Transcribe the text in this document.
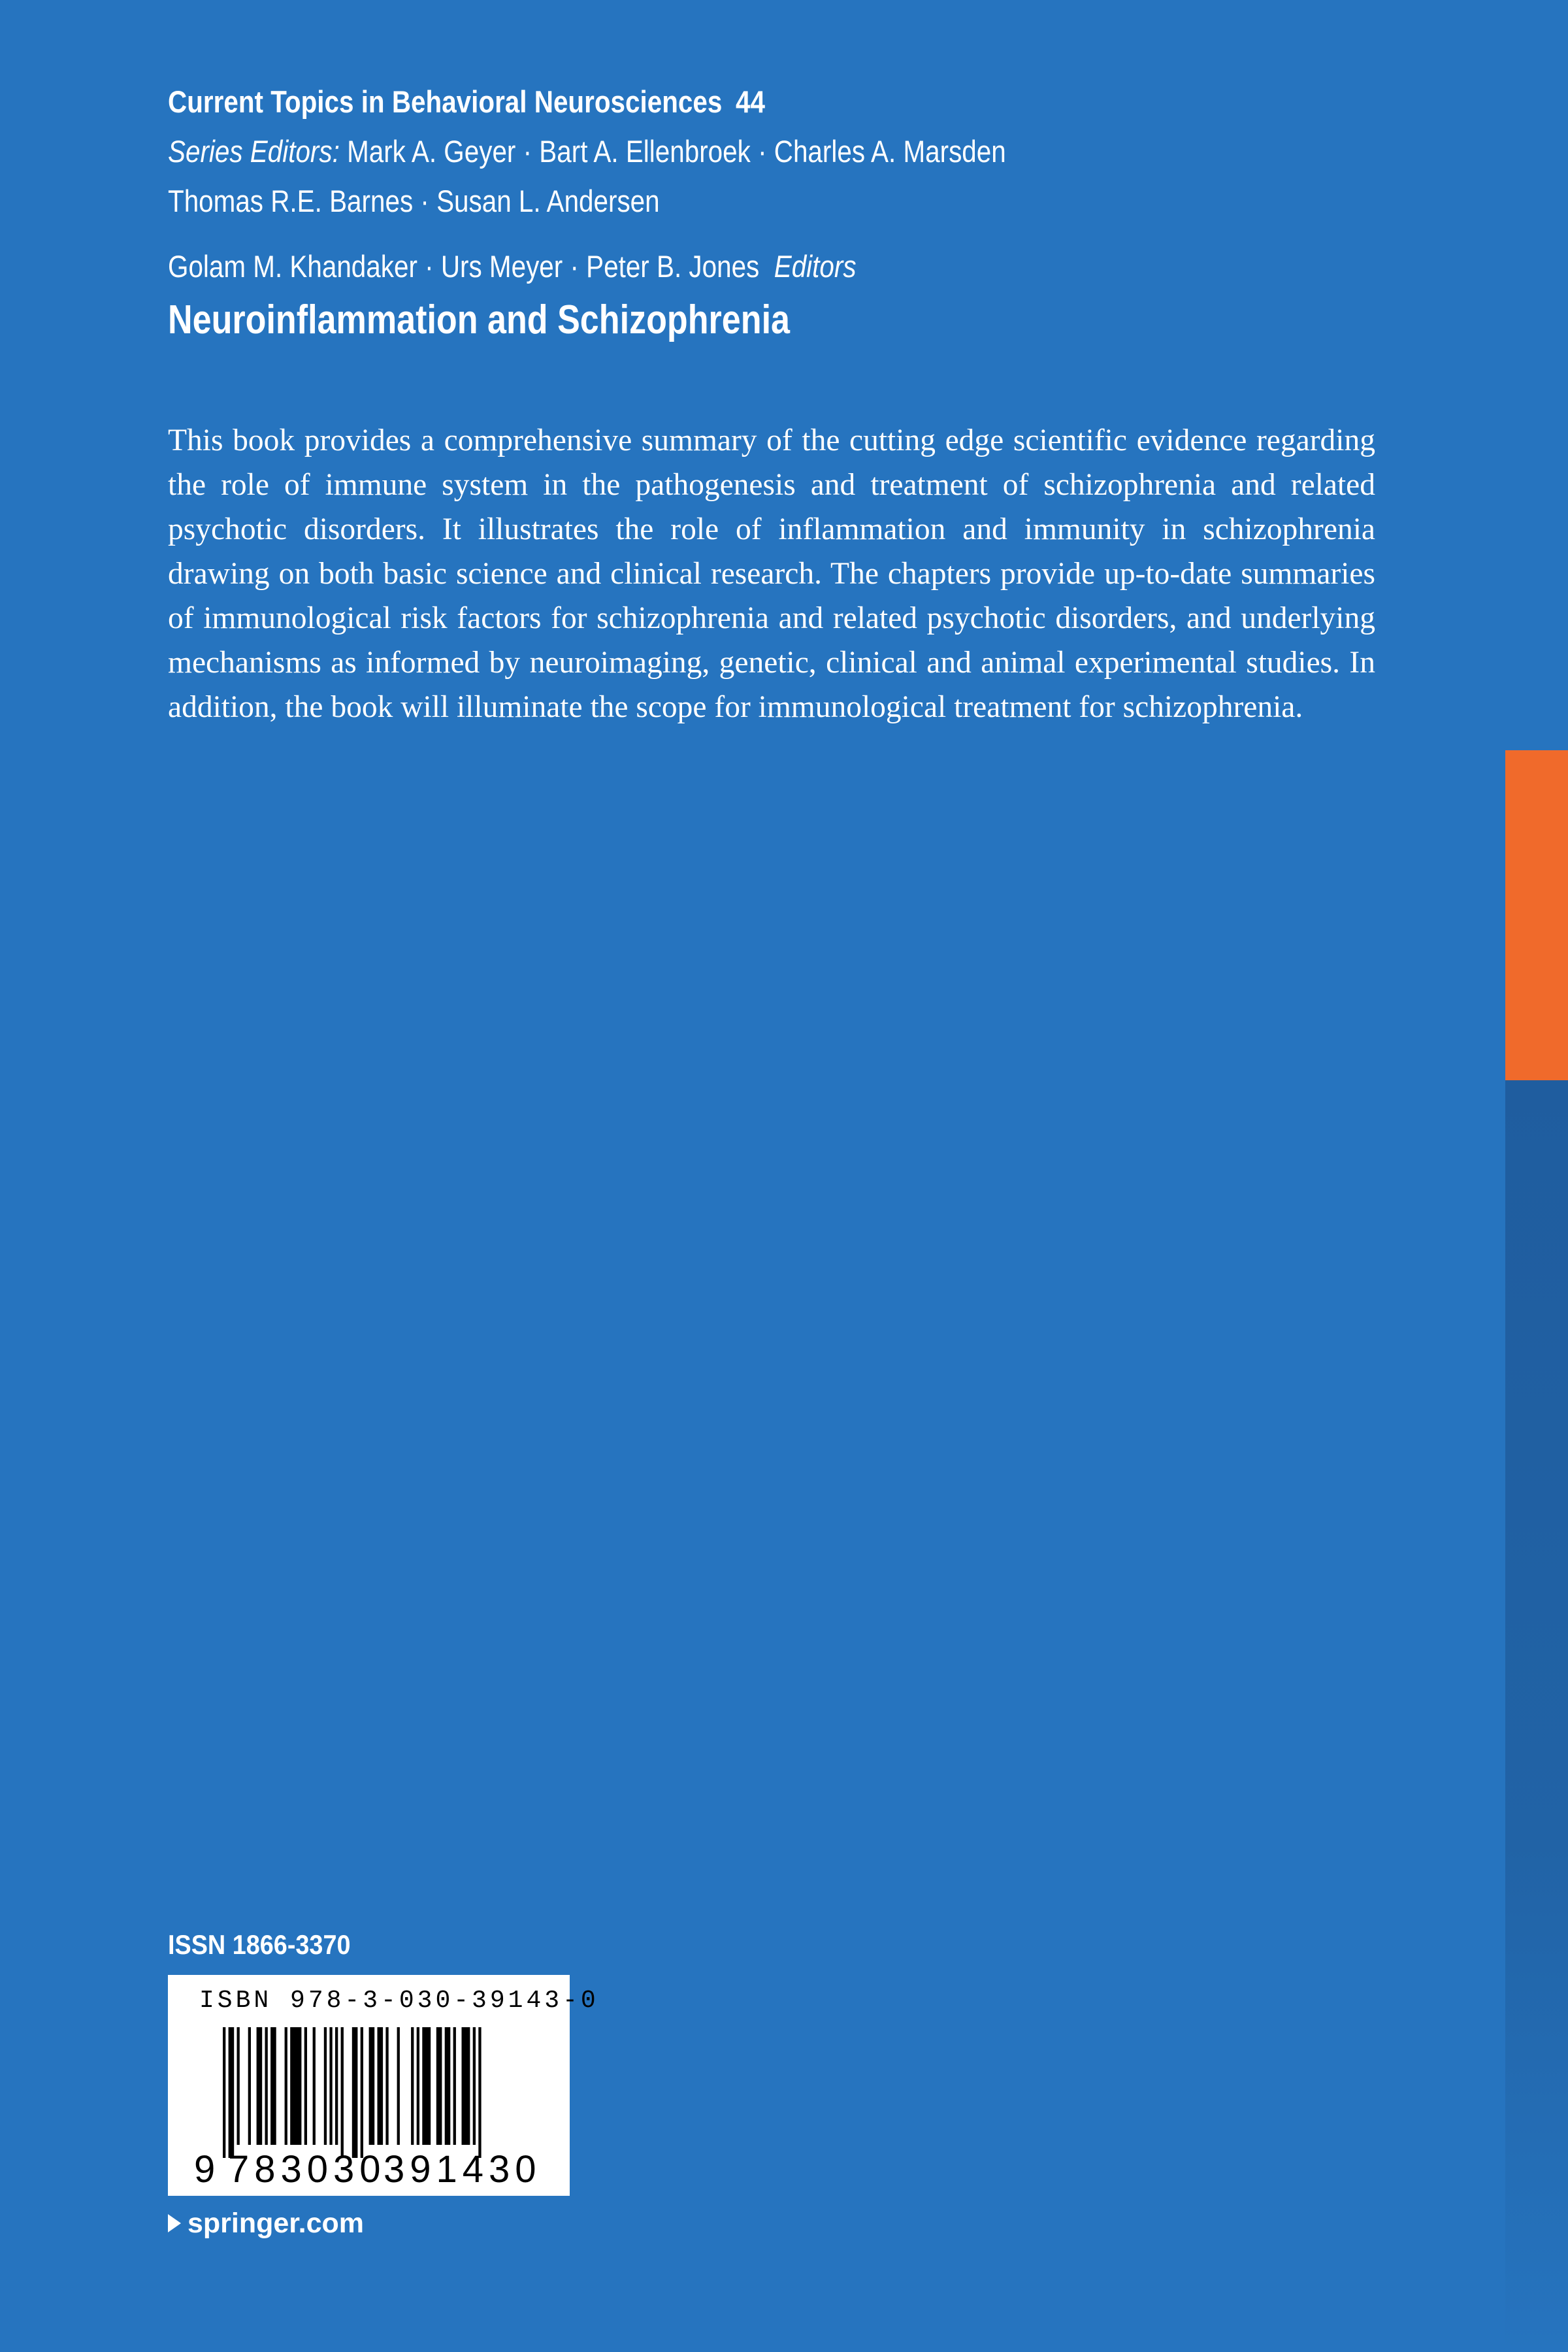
Current Topics in Behavioral Neurosciences 44
Series Editors: Mark A. Geyer · Bart A. Ellenbroek · Charles A. Marsden
Thomas R.E. Barnes · Susan L. Andersen
Golam M. Khandaker · Urs Meyer · Peter B. Jones Editors
Neuroinflammation and Schizophrenia
This book provides a comprehensive summary of the cutting edge scientific evidence regarding the role of immune system in the pathogenesis and treatment of schizophrenia and related psychotic disorders. It illustrates the role of inflammation and immunity in schizophrenia drawing on both basic science and clinical research. The chapters provide up-to-date summaries of immunological risk factors for schizophrenia and related psychotic disorders, and underlying mechanisms as informed by neuroimaging, genetic, clinical and animal experimental studies. In addition, the book will illuminate the scope for immunological treatment for schizophrenia.
ISSN 1866-3370
ISBN 978-3-030-39143-0
9 783030
391430
springer.com
